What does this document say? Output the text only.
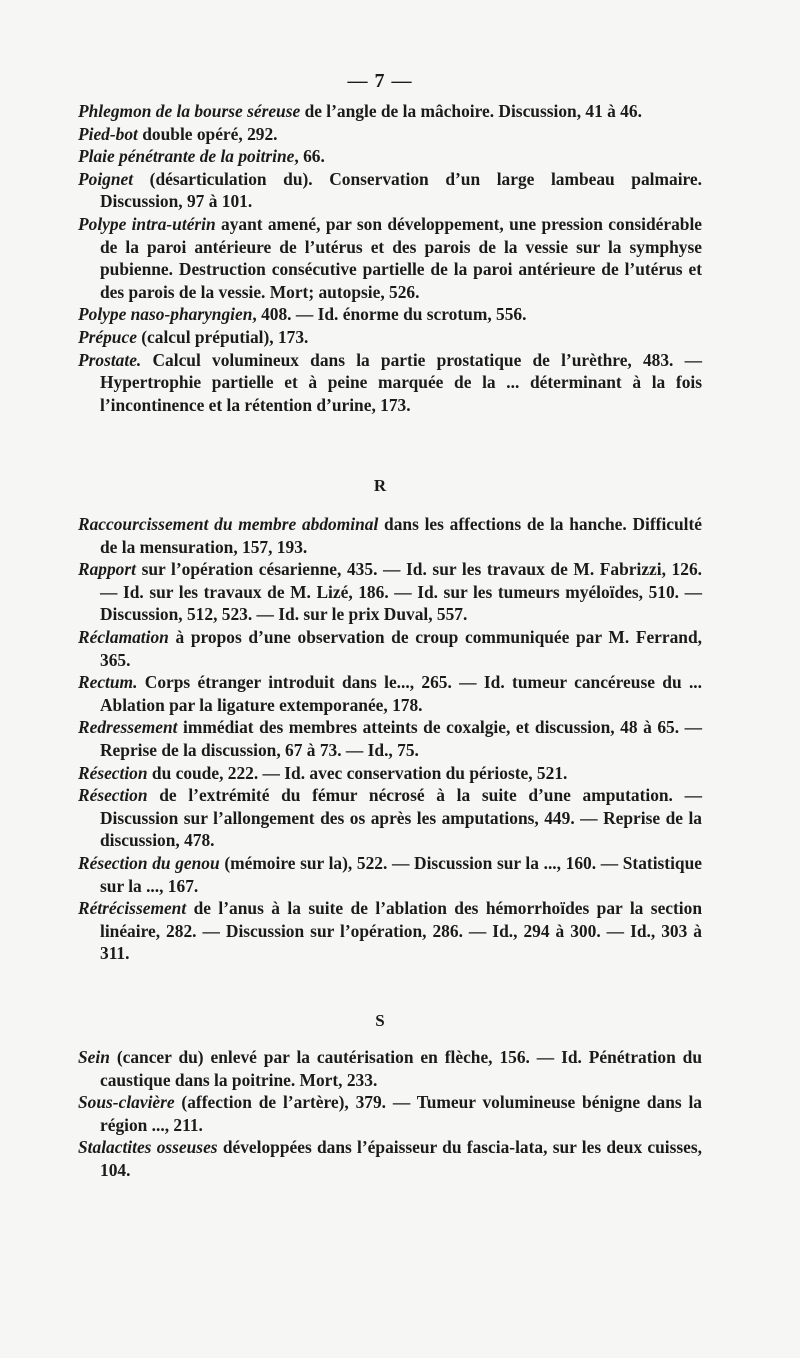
— 7 —

Phlegmon de la bourse séreuse de l’angle de la mâchoire. Discussion, 41 à 46.

Pied-bot double opéré, 292.

Plaie pénétrante de la poitrine, 66.

Poignet (désarticulation du). Conservation d’un large lambeau palmaire. Discussion, 97 à 101.

Polype intra-utérin ayant amené, par son développement, une pression considérable de la paroi antérieure de l’utérus et des parois de la vessie sur la symphyse pubienne. Destruction consécutive partielle de la paroi antérieure de l’utérus et des parois de la vessie. Mort; autopsie, 526.

Polype naso-pharyngien, 408. — Id. énorme du scrotum, 556.

Prépuce (calcul préputial), 173.

Prostate. Calcul volumineux dans la partie prostatique de l’urèthre, 483. — Hypertrophie partielle et à peine marquée de la ... déterminant à la fois l’incontinence et la rétention d’urine, 173.

R

Raccourcissement du membre abdominal dans les affections de la hanche. Difficulté de la mensuration, 157, 193.

Rapport sur l’opération césarienne, 435. — Id. sur les travaux de M. Fabrizzi, 126. — Id. sur les travaux de M. Lizé, 186. — Id. sur les tumeurs myéloïdes, 510. — Discussion, 512, 523. — Id. sur le prix Duval, 557.

Réclamation à propos d’une observation de croup communiquée par M. Ferrand, 365.

Rectum. Corps étranger introduit dans le..., 265. — Id. tumeur cancéreuse du ... Ablation par la ligature extemporanée, 178.

Redressement immédiat des membres atteints de coxalgie, et discussion, 48 à 65. — Reprise de la discussion, 67 à 73. — Id., 75.

Résection du coude, 222. — Id. avec conservation du périoste, 521.

Résection de l’extrémité du fémur nécrosé à la suite d’une amputation. — Discussion sur l’allongement des os après les amputations, 449. — Reprise de la discussion, 478.

Résection du genou (mémoire sur la), 522. — Discussion sur la ..., 160. — Statistique sur la ..., 167.

Rétrécissement de l’anus à la suite de l’ablation des hémorrhoïdes par la section linéaire, 282. — Discussion sur l’opération, 286. — Id., 294 à 300. — Id., 303 à 311.

S

Sein (cancer du) enlevé par la cautérisation en flèche, 156. — Id. Pénétration du caustique dans la poitrine. Mort, 233.

Sous-clavière (affection de l’artère), 379. — Tumeur volumineuse bénigne dans la région ..., 211.

Stalactites osseuses développées dans l’épaisseur du fascia-lata, sur les deux cuisses, 104.
